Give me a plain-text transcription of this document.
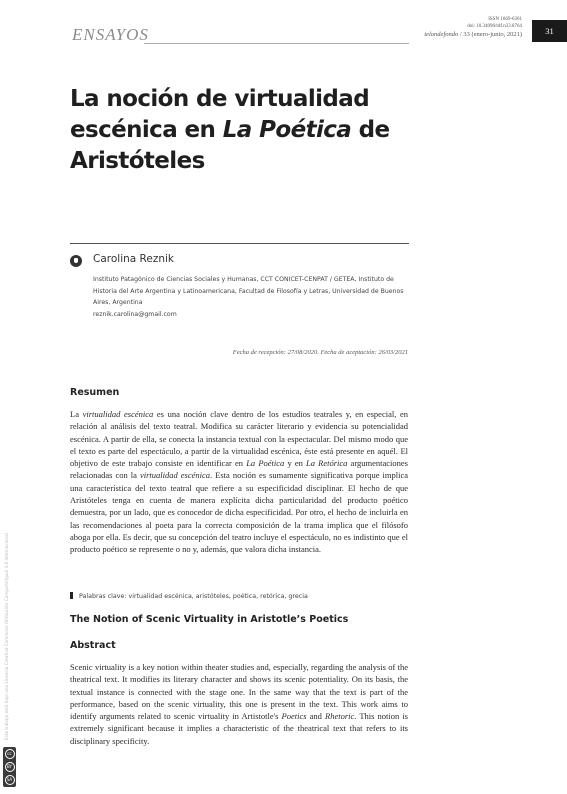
ENSAYOS
ISSN 1669-6301
doi: 10.34096/tdf.n33.8764
telondefondo / 33 (enero-junio, 2021)	31
La noción de virtualidad escénica en La Poética de Aristóteles
Carolina Reznik
Instituto Patagónico de Ciencias Sociales y Humanas, CCT CONICET-CENPAT / GETEA, Instituto de Historia del Arte Argentina y Latinoamericana, Facultad de Filosofía y Letras, Universidad de Buenos Aires, Argentina
reznik.carolina@gmail.com
Fecha de recepción: 27/08/2020. Fecha de aceptación: 26/03/2021
Resumen

La virtualidad escénica es una noción clave dentro de los estudios teatrales y, en especial, en relación al análisis del texto teatral. Modifica su carácter literario y evidencia su potencialidad escénica. A partir de ella, se conecta la instancia textual con la espectacular. Del mismo modo que el texto es parte del espectáculo, a partir de la virtualidad escénica, éste está presente en aquél. El objetivo de este trabajo consiste en identificar en La Poética y en La Retórica argumentaciones relacionadas con la virtualidad escénica. Esta noción es sumamente significativa porque implica una característica del texto teatral que refiere a su especificidad disciplinar. El hecho de que Aristóteles tenga en cuenta de manera explícita dicha particularidad del producto poético demuestra, por un lado, que es conocedor de dicha especificidad. Por otro, el hecho de incluirla en las recomendaciones al poeta para la correcta composición de la trama implica que el filósofo aboga por ella. Es decir, que su concepción del teatro incluye el espectáculo, no es indistinto que el producto poético se represente o no y, además, que valora dicha instancia.

Palabras clave: virtualidad escénica, aristóteles, poética, retórica, grecia
The Notion of Scenic Virtuality in Aristotle’s Poetics
Abstract

Scenic virtuality is a key notion within theater studies and, especially, regarding the analysis of the theatrical text. It modifies its literary character and shows its scenic potentiality. On its basis, the textual instance is connected with the stage one. In the same way that the text is part of the performance, based on the scenic virtuality, this one is present in the text. This work aims to identify arguments related to scenic virtuality in Artistotle's Poetics and Rhetoric. This notion is extremely significant because it implies a characteristic of the theatrical text that refers to its disciplinary specificity.

Este trabajo está bajo una Licencia Creative Commons Atribución-CompartirIgual 4.0 Internacional
cc
BY
SA
